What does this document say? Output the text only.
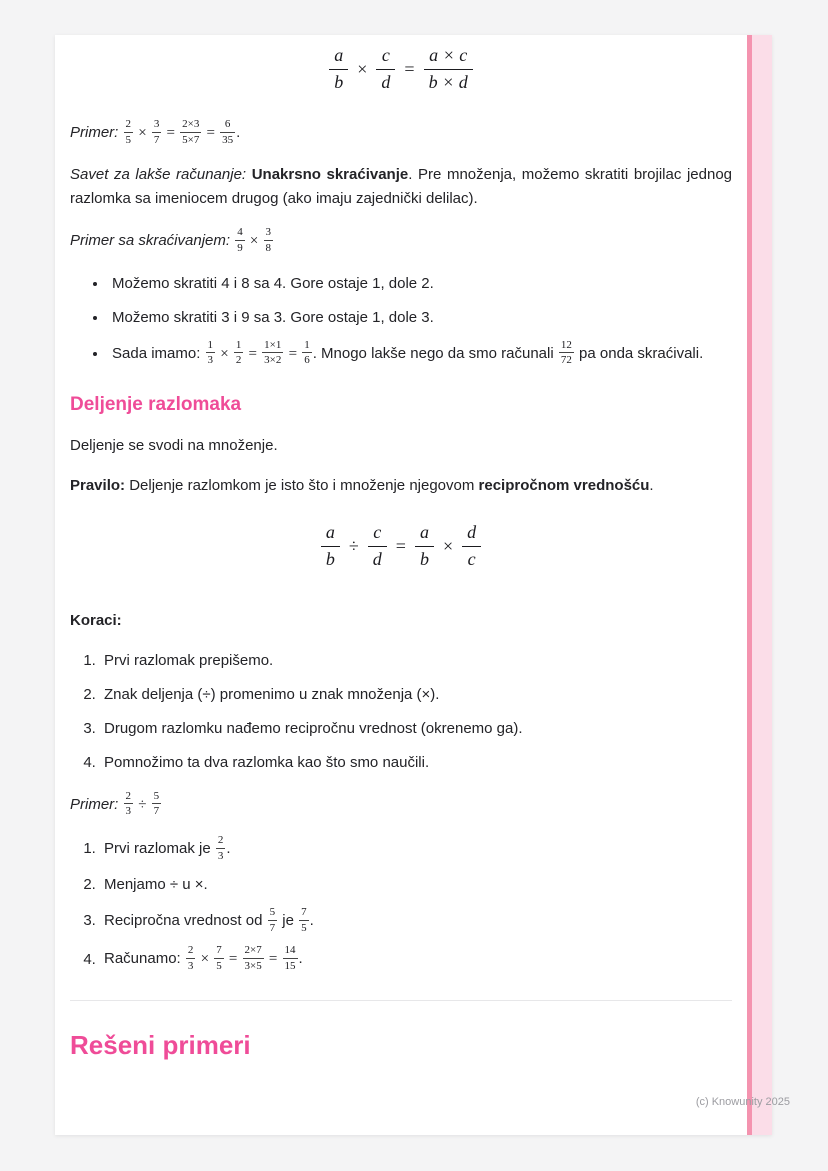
$\frac{a}{b} \times \frac{c}{d} = \frac{a \times c}{b \times d}$

Primer: $\frac{2}{5} \times \frac{3}{7} = \frac{2\times 3}{5\times 7} = \frac{6}{35}$ .

Savet za lakše računanje: Unakrsno skraćivanje. Pre množenja, možemo skratiti brojilac jednog razlomka sa imeniocem drugog (ako imaju zajednički delilac).

Primer sa skraćivanjem: $\frac{4}{9} \times \frac{3}{8}$

• Možemo skratiti 4 i 8 sa 4. Gore ostaje 1, dole 2.
• Možemo skratiti 3 i 9 sa 3. Gore ostaje 1, dole 3.
• Sada imamo: $\frac{1}{3} \times \frac{1}{2} = \frac{1\times 1}{3\times 2} = \frac{1}{6}$ . Mnogo lakše nego da smo računali $\frac{12}{72}$ pa onda skraćivali.
Deljenje razlomaka

Deljenje se svodi na množenje.

Pravilo: Deljenje razlomkom je isto što i množenje njegovom recipročnom vrednošću.

$\frac{a}{b} \div \frac{c}{d} = \frac{a}{b} \times \frac{d}{c}$

Koraci:

1. Prvi razlomak prepišemo.
2. Znak deljenja (÷) promenimo u znak množenja (×).
3. Drugom razlomku nađemo recipročnu vrednost (okrenemo ga).
4. Pomnožimo ta dva razlomka kao što smo naučili.

Primer: $\frac{2}{3} \div \frac{5}{7}$

1. Prvi razlomak je $\frac{2}{3}$ .
2. Menjamo ÷ u ×.
3. Recipročna vrednost od $\frac{5}{7}$ je $\frac{7}{5}$ .
4. Računamo: $\frac{2}{3} \times \frac{7}{5} = \frac{2\times 7}{3\times 5} = \frac{14}{15}$ .
Rešeni primeri
(c) Knowunity 2025
